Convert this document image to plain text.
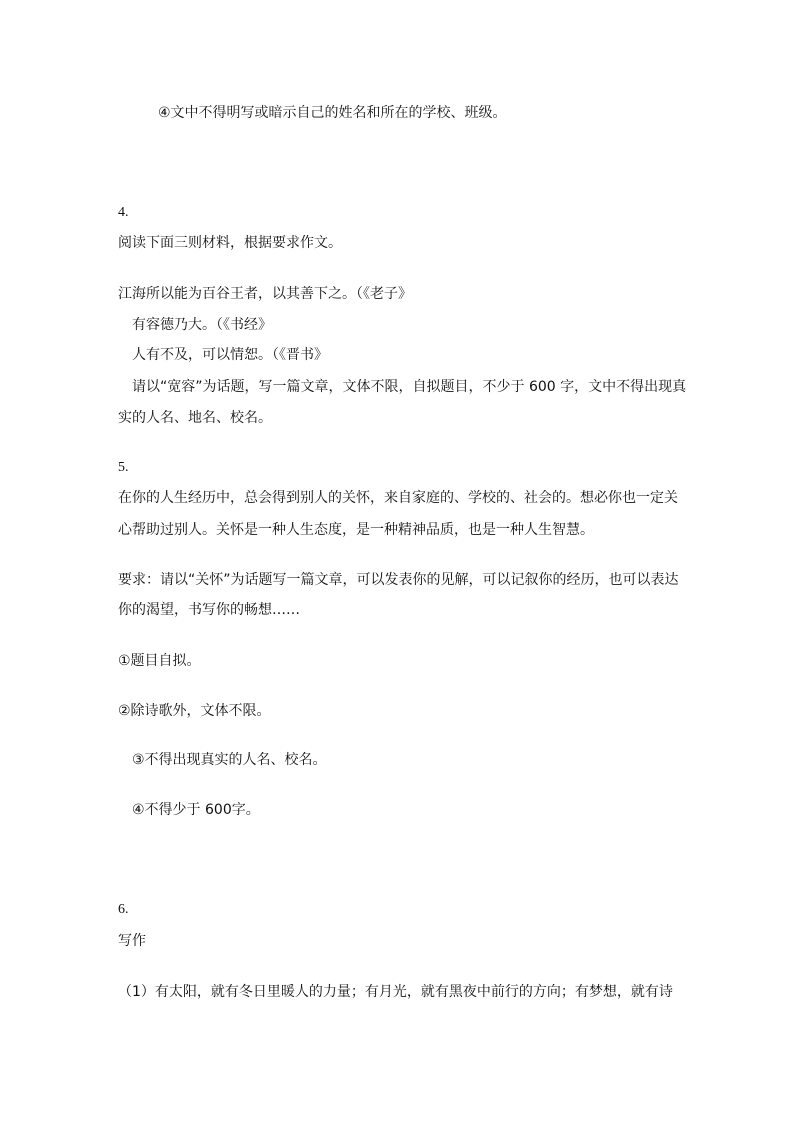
④文中不得明写或暗示自己的姓名和所在的学校、班级。
4.
阅读下面三则材料，根据要求作文。
江海所以能为百谷王者，以其善下之。（《老子》
有容德乃大。（《书经》
人有不及，可以情恕。（《晋书》
请以“宽容”为话题，写一篇文章，文体不限，自拟题目，不少于 600 字，文中不得出现真
实的人名、地名、校名。
5.
在你的人生经历中，总会得到别人的关怀，来自家庭的、学校的、社会的。想必你也一定关
心帮助过别人。关怀是一种人生态度，是一种精神品质，也是一种人生智慧。
要求：请以“关怀”为话题写一篇文章，可以发表你的见解，可以记叙你的经历，也可以表达
你的渴望，书写你的畅想……
①题目自拟。
②除诗歌外，文体不限。
③不得出现真实的人名、校名。
④不得少于 600字。
6.
写作
（1）有太阳，就有冬日里暖人的力量；有月光，就有黑夜中前行的方向；有梦想，就有诗
